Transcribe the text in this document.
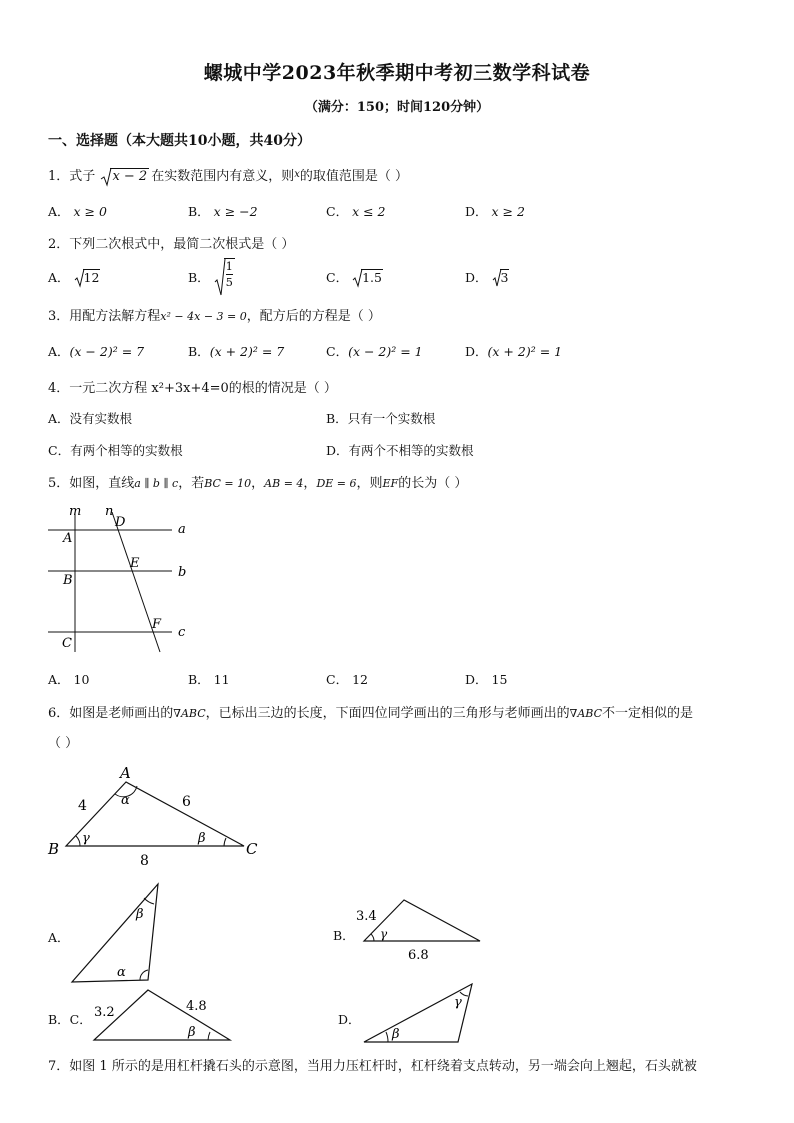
螺城中学2023年秋季期中考初三数学科试卷
（满分：150；时间120分钟）
一、选择题（本大题共10小题，共40分）
1．式子 x − 2 在实数范围内有意义，则$^x$的取值范围是（ ）
A． x ≥ 0	B． x ≥ −2	C． x ≤ 2	D． x ≥ 2
2．下列二次根式中，最简二次根式是（ ）
A． 12	B． $\frac{1}{5}$	C． 1.5	D． 3
3．用配方法解方程x² − 4x − 3 = 0，配方后的方程是（ ）
A．(x − 2)² = 7	B．(x + 2)² = 7	C．(x − 2)² = 1	D．(x + 2)² = 1
4．一元二次方程 x²+3x+4=0的根的情况是（ ）
A．没有实数根	B．只有一个实数根
C．有两个相等的实数根	D．有两个不相等的实数根
5．如图，直线a ∥ b ∥ c，若BC = 10，AB = 4，DE = 6，则EF的长为（ ）
m n
a
b
c
A
B
C
D
E
F
A． 10	B． 11	C． 12	D． 15
6．如图是老师画出的∇ABC，已标出三边的长度，下面四位同学画出的三角形与老师画出的∇ABC不一定相似的是
（ ）
A
B	C
4	6
8
α
γ	β
A．
β
α
B．
3.4
6.8
γ
B．C． 3.2	4.8
β
D．
γ
β
7．如图 1 所示的是用杠杆撬石头的示意图，当用力压杠杆时，杠杆绕着支点转动，另一端会向上翘起，石头就被
